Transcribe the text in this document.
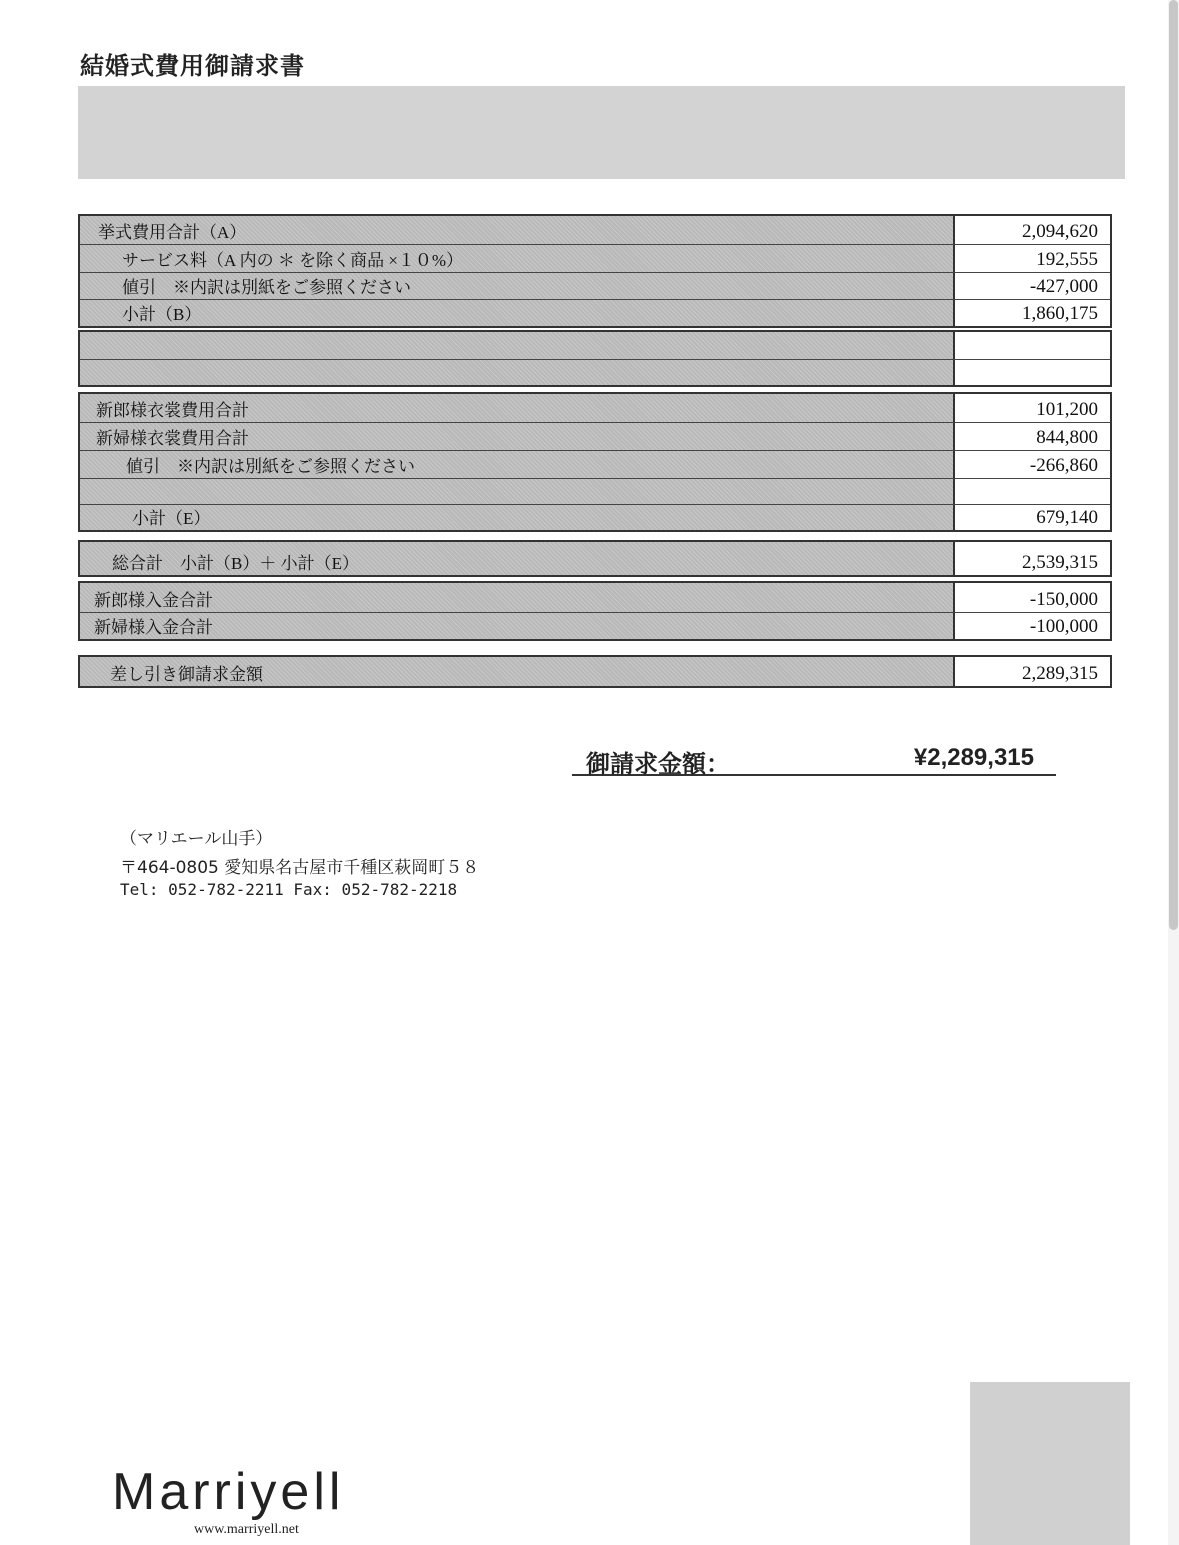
結婚式費用御請求書
挙式費用合計（A）	2,094,620
サービス料（A 内の ＊ を除く商品 ×１０%）	192,555
値引　※内訳は別紙をご参照ください	-427,000
小計（B）	1,860,175
新郎様衣裳費用合計	101,200
新婦様衣裳費用合計	844,800
値引　※内訳は別紙をご参照ください	-266,860
小計（E）	679,140
総合計　小計（B）＋ 小計（E）	2,539,315
新郎様入金合計	-150,000
新婦様入金合計	-100,000
差し引き御請求金額	2,289,315
御請求金額：	¥2,289,315
（マリエール山手）
〒464-0805 愛知県名古屋市千種区萩岡町５８
Tel: 052-782-2211 Fax: 052-782-2218
Marriyell
www.marriyell.net
